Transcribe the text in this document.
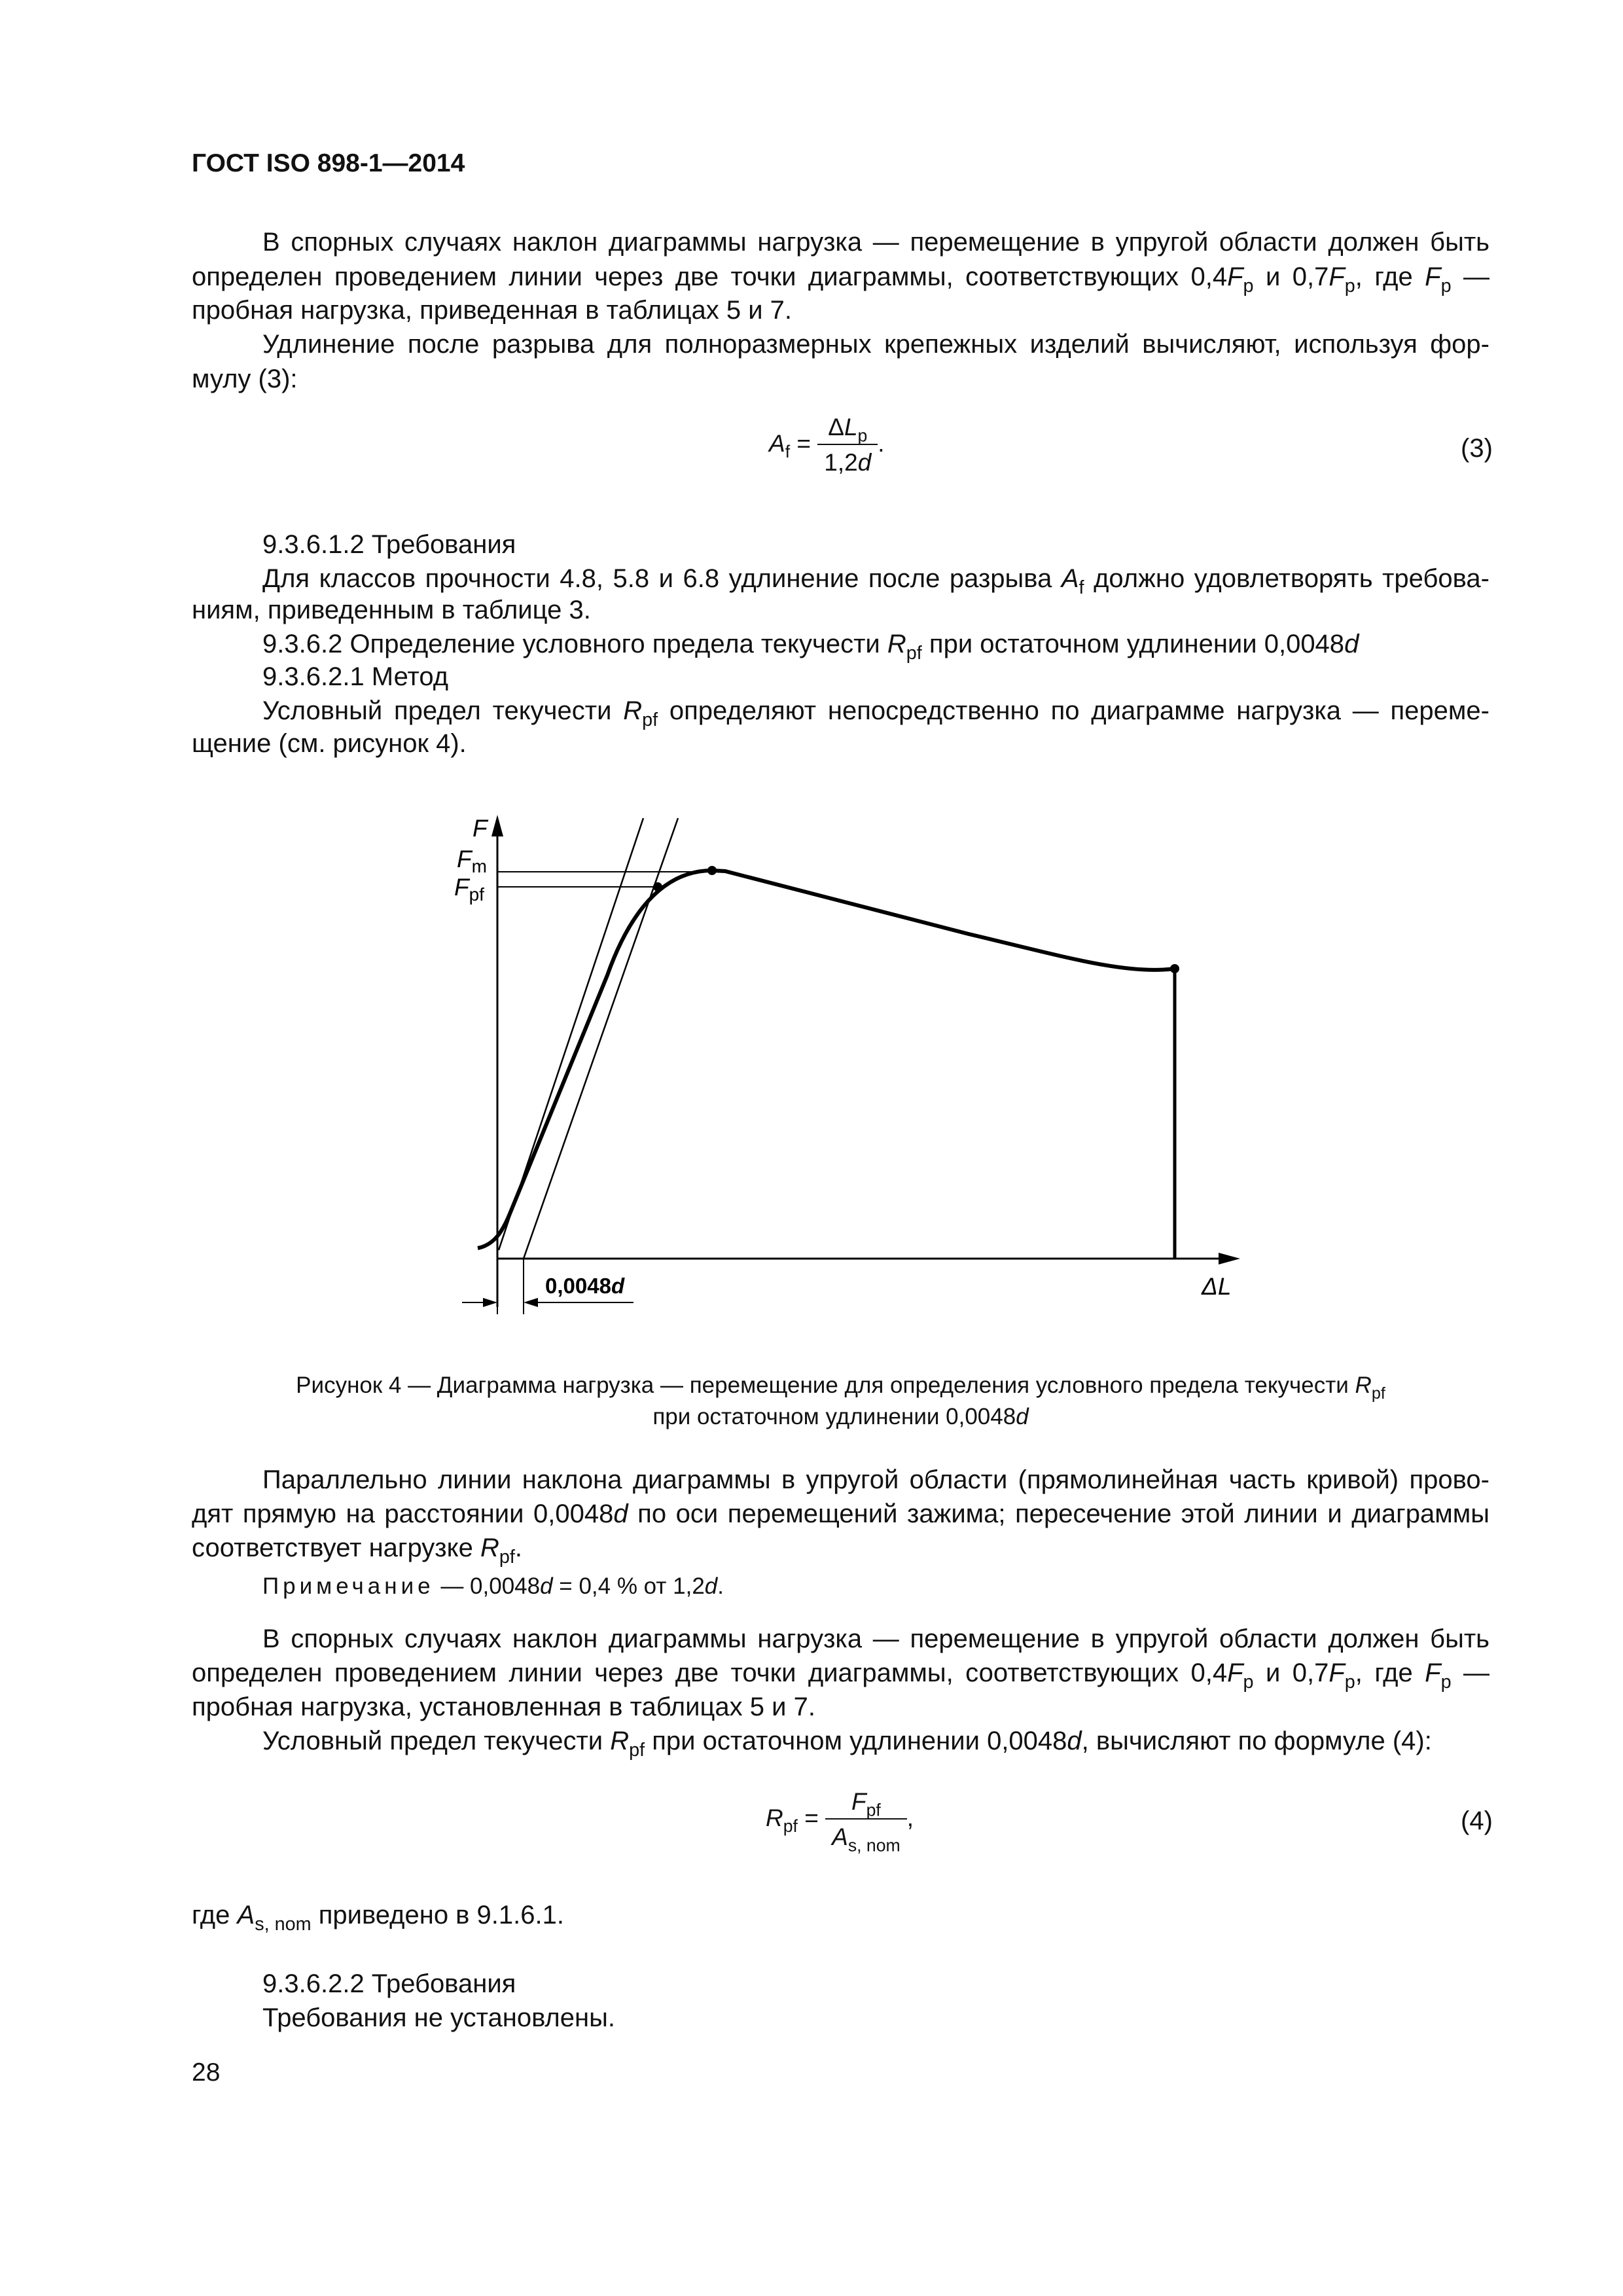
ГОСТ ISO 898-1—2014
В спорных случаях наклон диаграммы нагрузка — перемещение в упругой области должен быть
определен проведением линии через две точки диаграммы, соответствующих $0,4F_p$ и $0,7F_p$, где $F_p$ —
пробная нагрузка, приведенная в таблицах 5 и 7.
Удлинение после разрыва для полноразмерных крепежных изделий вычисляют, используя фор-
мулу (3):
$A_f = \frac{\Delta L_p}{1,2d}$ .	(3)
9.3.6.1.2 Требования
Для классов прочности 4.8, 5.8 и 6.8 удлинение после разрыва $A_f$ должно удовлетворять требова-
ниям, приведенным в таблице 3.
9.3.6.2 Определение условного предела текучести $R_{pf}$ при остаточном удлинении 0,0048d
9.3.6.2.1 Метод
Условный предел текучести $R_{pf}$ определяют непосредственно по диаграмме нагрузка — переме-
щение (см. рисунок 4).
F
$F_m$
$F_{pf}$
ΔL
0,0048d
Рисунок 4 — Диаграмма нагрузка — перемещение для определения условного предела текучести $R_{pf}$
при остаточном удлинении 0,0048d
Параллельно линии наклона диаграммы в упругой области (прямолинейная часть кривой) прово-
дят прямую на расстоянии 0,0048d по оси перемещений зажима; пересечение этой линии и диаграммы
соответствует нагрузке $R_{pf}$.
Примечание — 0,0048d = 0,4 % от 1,2d.
В спорных случаях наклон диаграммы нагрузка — перемещение в упругой области должен быть
определен проведением линии через две точки диаграммы, соответствующих $0,4F_p$ и $0,7F_p$, где $F_p$ —
пробная нагрузка, установленная в таблицах 5 и 7.
Условный предел текучести $R_{pf}$ при остаточном удлинении 0,0048d, вычисляют по формуле (4):
$R_{pf} = \frac{F_{pf}}{A_{s, nom}}$ ,	(4)
где $A_{s, nom}$ приведено в 9.1.6.1.
9.3.6.2.2 Требования
Требования не установлены.
28
